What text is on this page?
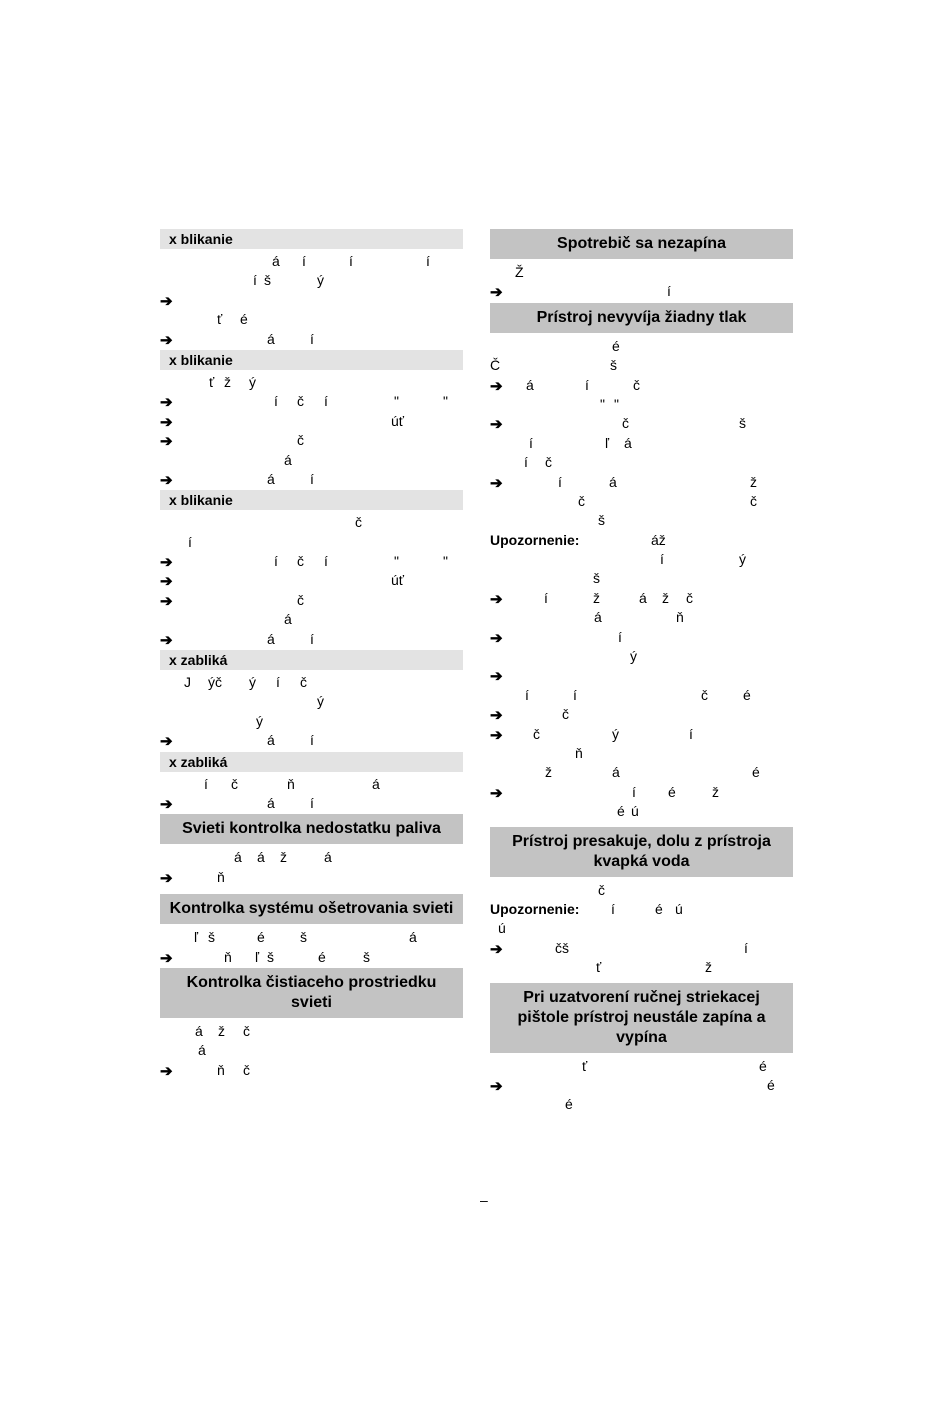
x blikanie
á í	í	í
í š	ý
➔
ť é
➔	á	í
x blikanie
ť ž ý
➔	í č í	"	"
➔	úť
➔	č
á
➔	á	í
x blikanie
č
í
➔	í č í	"	"
➔	úť
➔	č
á
➔	á	í
x zabliká
J ýč ý í č
ý
ý
➔	á	í
x zabliká
í č	ň	á
➔	á	í
Svieti kontrolka nedostatku paliva
á á ž	á
➔	ň
Kontrolka systému ošetrovania svieti
ľ š	é	š	á
➔	ň ľ š	é	š
Kontrolka čistiaceho prostriedku svieti
á ž č
á
➔	ň č
Spotrebič sa nezapína
Ž
➔	í
Prístroj nevyvíja žiadny tlak
é
Č	š
➔ á	í	č
" "
➔	č	š
í	ľ á
í č
➔	í	á	ž
č	č
š
Upozornenie:	áž
í	ý
š
➔	í	ž	á ž č
á	ň
➔	í
ý
➔
í	í	č	é
➔	č
➔ č	ý	í
ň
ž	á	é
➔	í é	ž
é ú
Prístroj presakuje, dolu z prístroja kvapká voda
č
Upozornenie: í	é ú
ú
➔	čš	í
ť	ž
Pri uzatvorení ručnej striekacej pištole prístroj neustále zapína a vypína
ť	é
➔	é
é
–
